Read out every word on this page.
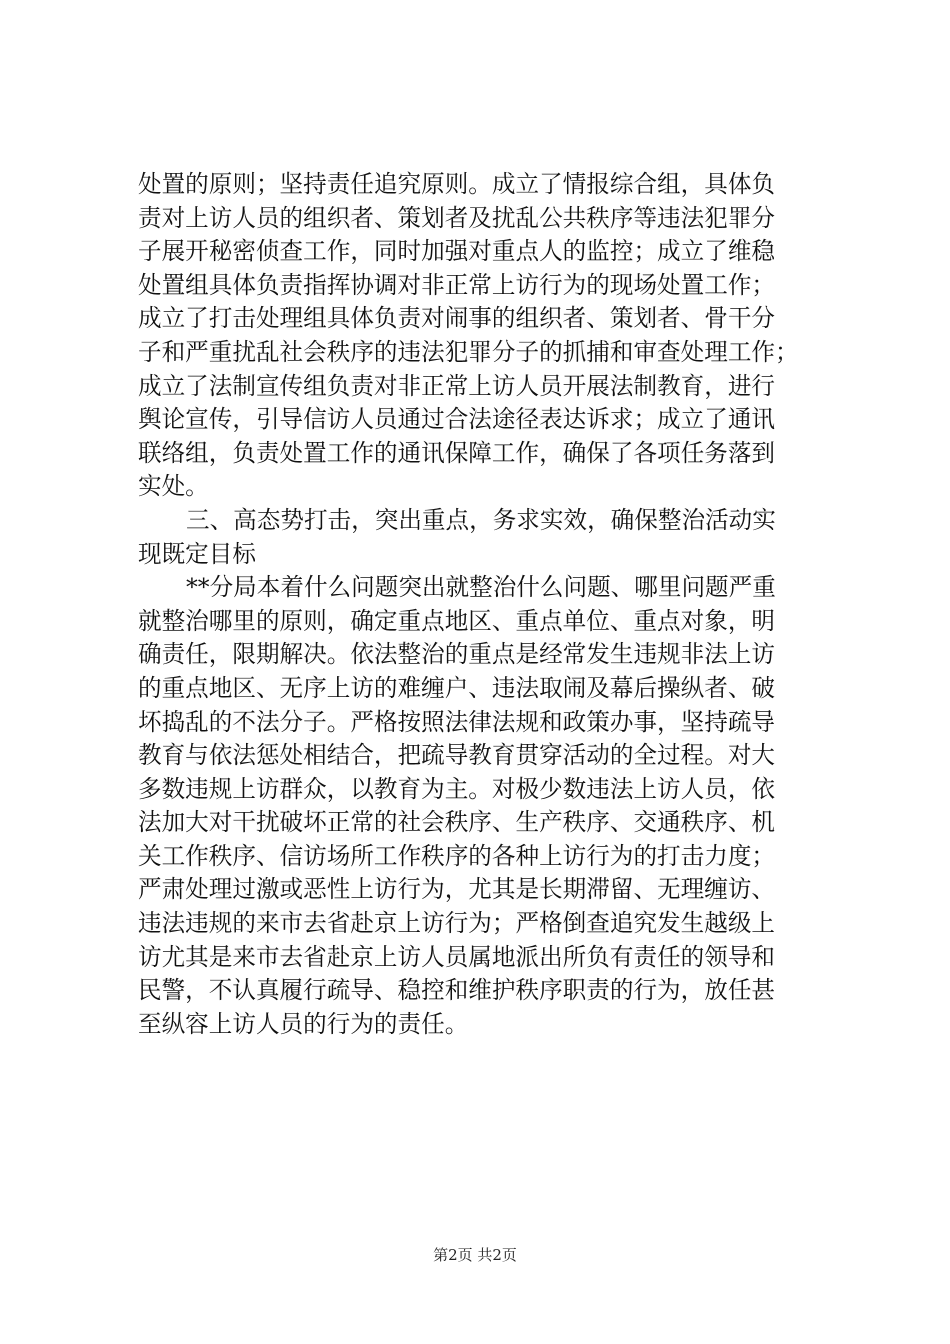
处置的原则；坚持责任追究原则。成立了情报综合组，具体负
责对上访人员的组织者、策划者及扰乱公共秩序等违法犯罪分
子展开秘密侦查工作，同时加强对重点人的监控；成立了维稳
处置组具体负责指挥协调对非正常上访行为的现场处置工作；
成立了打击处理组具体负责对闹事的组织者、策划者、骨干分
子和严重扰乱社会秩序的违法犯罪分子的抓捕和审查处理工作；
成立了法制宣传组负责对非正常上访人员开展法制教育，进行
舆论宣传，引导信访人员通过合法途径表达诉求；成立了通讯
联络组，负责处置工作的通讯保障工作，确保了各项任务落到
实处。
三、高态势打击，突出重点，务求实效，确保整治活动实
现既定目标
**分局本着什么问题突出就整治什么问题、哪里问题严重
就整治哪里的原则，确定重点地区、重点单位、重点对象，明
确责任，限期解决。依法整治的重点是经常发生违规非法上访
的重点地区、无序上访的难缠户、违法取闹及幕后操纵者、破
坏捣乱的不法分子。严格按照法律法规和政策办事，坚持疏导
教育与依法惩处相结合，把疏导教育贯穿活动的全过程。对大
多数违规上访群众，以教育为主。对极少数违法上访人员，依
法加大对干扰破坏正常的社会秩序、生产秩序、交通秩序、机
关工作秩序、信访场所工作秩序的各种上访行为的打击力度；
严肃处理过激或恶性上访行为，尤其是长期滞留、无理缠访、
违法违规的来市去省赴京上访行为；严格倒查追究发生越级上
访尤其是来市去省赴京上访人员属地派出所负有责任的领导和
民警，不认真履行疏导、稳控和维护秩序职责的行为，放任甚
至纵容上访人员的行为的责任。
第2页 共2页
